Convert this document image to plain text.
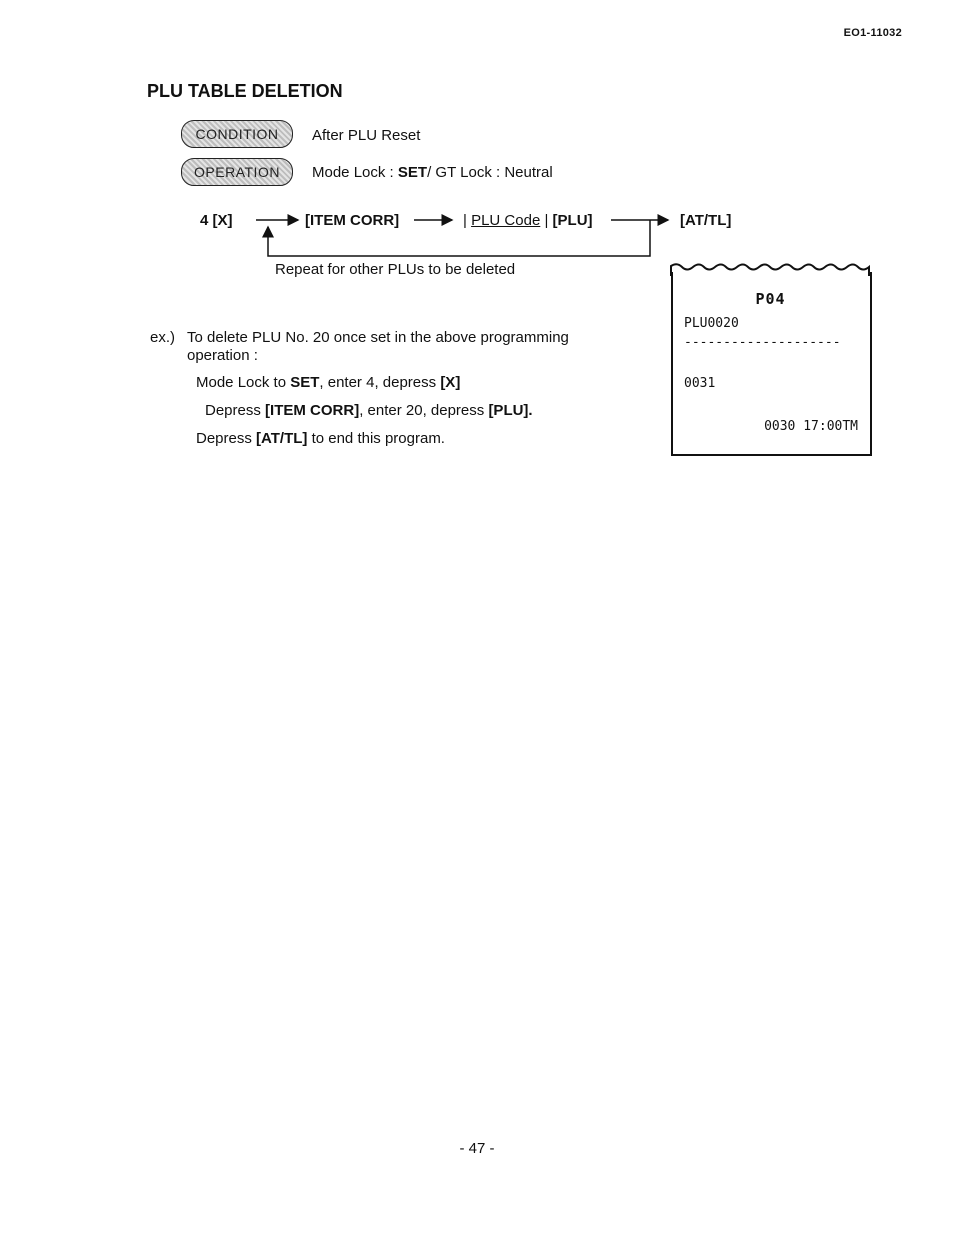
EO1-11032
PLU TABLE DELETION
CONDITION	After PLU Reset
OPERATION	Mode Lock : SET/ GT Lock : Neutral
4 [X]	[ITEM CORR]	| PLU Code | [PLU]	[AT/TL]
Repeat for other PLUs to be deleted
ex.) To delete PLU No. 20 once set in the above programming operation :
Mode Lock to SET, enter 4, depress [X]
Depress [ITEM CORR], enter 20, depress [PLU].
Depress [AT/TL] to end this program.
P04
PLU0020
--------------------
0031
0030 17:00TM
- 47 -
